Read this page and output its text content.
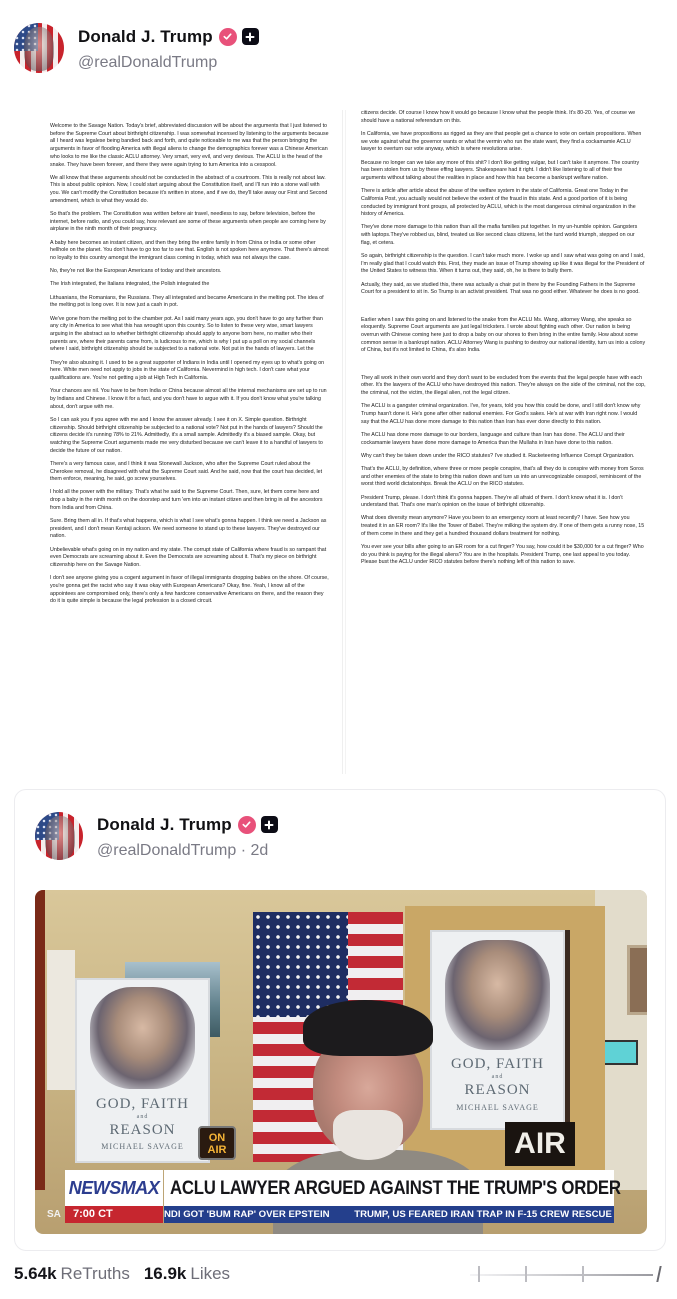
Donald J. Trump
@realDonaldTrump

Welcome to the Savage Nation. Today's brief, abbreviated discussion will be about the arguments that I just listened to before the Supreme Court about birthright citizenship. I was somewhat incensed by listening to the arguments because all I heard was legalese being bandied back and forth, and quite noticeable to me was that the person bringing the arguments in favor of flooding America with illegal aliens to change the demographics forever was a Chinese American who looks to me like the classic ACLU attorney. Very smart, very evil, and very devious. The ACLU is the head of the snake. They have been forever, and there they were again trying to turn America into a cesspool.

We all know that these arguments should not be conducted in the abstract of a courtroom. This is really not about law. This is about public opinion. Now, I could start arguing about the Constitution itself, and I'll run into a stone wall with you. We can't modify the Constitution because it's written in stone, and if we do, they'll take away our First and Second amendment, which is what they would do.

So that's the problem. The Constitution was written before air travel, needless to say, before television, before the internet, before radio, and you could say, how relevant are some of these arguments when people are coming here by airplane in the ninth month of their pregnancy.

A baby here becomes an instant citizen, and then they bring the entire family in from China or India or some other hellhole on the planet. You don't have to go too far to see that. English is not spoken here anymore. That there's almost no loyalty to this country amongst the immigrant class coming in today, which was not always the case.

No, they're not like the European Americans of today and their ancestors.

The Irish integrated, the Italians integrated, the Polish integrated the

Lithuanians, the Romanians, the Russians. They all integrated and became Americans in the melting pot. The idea of the melting pot is long over. It is now just a cash in pot.

We've gone from the melting pot to the chamber pot. As I said many years ago, you don't have to go any further than any city in America to see what this has wrought upon this country. So to listen to these very wise, smart lawyers arguing in the abstract as to whether birthright citizenship should apply to anyone born here, no matter who their parents are, where their parents came from, is ludicrous to me, which is why I put up a poll on my social channels where I said, birthright citizenship should be subjected to a national vote. Not put in the hands of lawyers. Let the

They're also abusing it. I used to be a great supporter of Indians in India until I opened my eyes up to what's going on here. White men need not apply to jobs in the state of California. Nevermind in high tech. I don't care what your qualifications are. You're not getting a job at High Tech in California.

Your chances are nil. You have to be from India or China because almost all the internal mechanisms are set up to run by Indians and Chinese. I know it for a fact, and you don't have to argue with it. If you don't know what you're talking about, don't argue with me.

So I can ask you if you agree with me and I know the answer already. I see it on X. Simple question. Birthright citizenship. Should birthright citizenship be subjected to a national vote? Not put in the hands of lawyers? Should the citizens decide it's running 78% to 21%. Admittedly, it's a small sample. Admittedly it's a biased sample. Okay, but watching the Supreme Court arguments made me very disturbed because we can't leave it to a handful of lawyers to decide the future of our nation.

There's a very famous case, and I think it was Stonewall Jackson, who after the Supreme Court ruled about the Cherokee removal, he disagreed with what the Supreme Court said. And he said, now that the court has decided, let them enforce, meaning, he said, go screw yourselves.

I hold all the power with the military. That's what he said to the Supreme Court. Then, sure, let them come here and drop a baby in the ninth month on the doorstep and turn 'em into an instant citizen and then bring in all the ancestors from India and from China.

Sure. Bring them all in. If that's what happens, which is what I see what's gonna happen. I think we need a Jackson as president, and I don't mean Kentaji ackson. We need someone to stand up to these lawyers. They've destroyed our nation.

Unbelievable what's going on in my nation and my state. The corrupt state of California where fraud is so rampant that even Democrats are screaming about it. Even the Democrats are screaming about it. That's my piece on birthright citizenship here on the Savage Nation.

I don't see anyone giving you a cogent argument in favor of illegal immigrants dropping babies on the shore. Of course, you're gonna get the racist who say it was okay with European Americans? Okay, fine. Yeah, I know all of the appointees are compromised only, there's only a few hardcore conservative Americans on there, and the reason they do it is quite simple is because the legal profession is a closed circuit.

citizens decide. Of course I know how it would go because I know what the people think. It's 80-20. Yes, of course we should have a national referendum on this.

In California, we have propositions as rigged as they are that people get a chance to vote on certain propositions. When we vote against what the governor wants or what the vermin who run the state want, they find a cockamamie ACLU lawyer to overturn our vote anyway, which is where revolutions arise.

Because no longer can we take any more of this shit? I don't like getting vulgar, but I can't take it anymore. The country has been stolen from us by these effing lawyers. Shakespeare had it right. I didn't like listening to all of their fine arguments without talking about the realities in place and how this has become a bankrupt welfare nation.

There is article after article about the abuse of the welfare system in the state of California. Great one Today in the California Post, you actually would not believe the extent of the fraud in this state. And a good portion of it is being conducted by immigrant front groups, all protected by ACLU, which is the most dangerous criminal organization in the history of America.

They've done more damage to this nation than all the mafia families put together. In my un-humble opinion. Gangsters with laptops.They've robbed us, blind, treated us like second class citizens, let the turd world triumph, stepped on our flag, et cetera.

So again, birthright citizenship is the question. I can't take much more. I woke up and I saw what was going on and I said, I'm really glad that I could watch this. First, they made an issue of Trump showing up like it was illegal for the President of the United States to witness this. When it turns out, they said, oh, he is there to bully them.

Actually, they said, as we studied this, there was actually a chair put in there by the Founding Fathers in the Supreme Court for a president to sit in. So Trump is an activist president. That was no good either. Whatever he does is no good.

Earlier when I saw this going on and listened to the snake from the ACLU Ms. Wang, attorney Wang, she speaks so eloquently. Supreme Court arguments are just legal tricksters. I wrote about fighting each other. Our nation is being overrun with Chinese coming here just to drop a baby on our shores to then bring in the entire family. How about some common sense in a bankrupt nation. ACLU Attorney Wang is pushing to destroy our national identity, turn us into a colony of China, but it's not limited to China, it's also India.

They all work in their own world and they don't want to be excluded from the events that the legal people have with each other. It's the lawyers of the ACLU who have destroyed this nation. They're always on the side of the criminal, not the cop, the criminal, not the victim, the illegal alien, not the legal citizen.

The ACLU is a gangster criminal organization. I've, for years, told you how this could be done, and I still don't know why Trump hasn't done it. He's gone after other national enemies. For God's sakes. He's at war with Iran right now. I would say that the ACLU has done more damage to this nation than Iran has ever done directly to this nation.

The ACLU has done more damage to our borders, language and culture than Iran has done. The ACLU and their cockamamie lawyers have done more damage to America than the Mullahs in Iran have done to this nation.

Why can't they be taken down under the RICO statutes? I've studied it. Racketeering Influence Corrupt Organization.

That's the ACLU, by definition, where three or more people conspire, that's all they do is conspire with money from Soros and other enemies of the state to bring this nation down and turn us into an unrecognizable cesspool, reminiscent of the worst third world dictatorships. Break the ACLU on the RICO statutes.

President Trump, please. I don't think it's gonna happen. They're all afraid of them. I don't know what it is. I don't understand that. That's one man's opinion on the issue of birthright citizenship.

What does diversity mean anymore? Have you been to an emergency room at least recently? I have. See how you treated it in an ER room? It's like the Tower of Babel. They're milking the system dry. If one of them gets a runny nose, 15 of them come in there and they get a hundred thousand dollars treatment for nothing.

You ever see your bills after going to an ER room for a cut finger? You say, how could it be $30,000 for a cut finger? Who do you think is paying for the illegal aliens? You are in the hospitals. President Trump, one last appeal to you today. Please bust the ACLU under RICO statutes before there's nothing left of this nation to save.

Donald J. Trump
@realDonaldTrump · 2d
GOD, FAITH
and
REASON
MICHAEL SAVAGE
GOD, FAITH
and
REASON
MICHAEL SAVAGE
ON AIR	AIR
NEWSMAX ACLU LAWYER ARGUED AGAINST THE TRUMP'S ORDER
SA	7:00 CT	NDI GOT 'BUM RAP' OVER EPSTEIN	TRUMP, US FEARED IRAN TRAP IN F-15 CREW RESCUE
5.64k ReTruths 16.9k Likes
